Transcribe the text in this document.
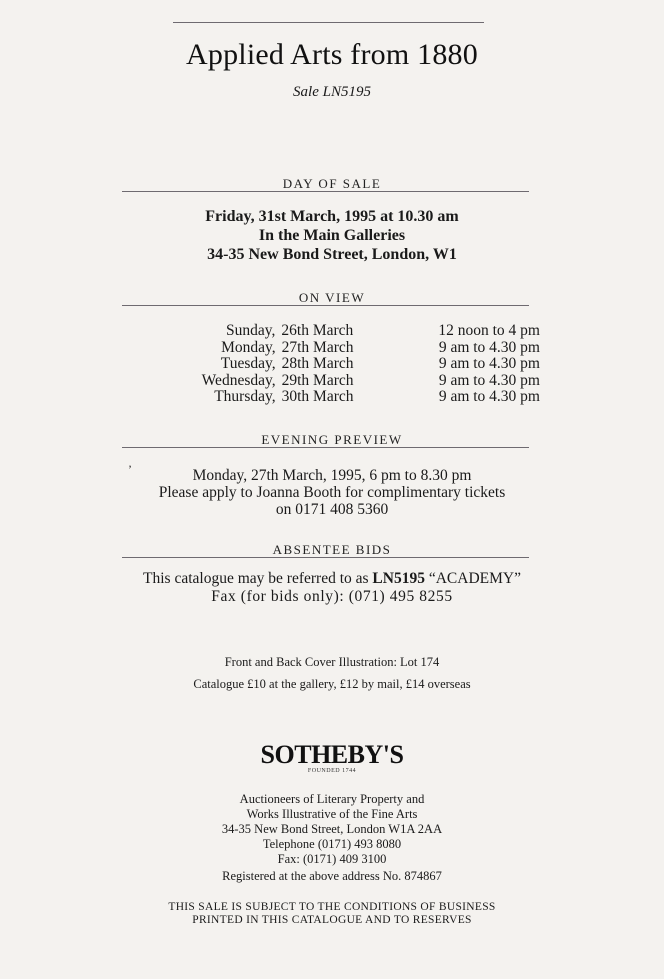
Applied Arts from 1880
Sale LN5195
DAY OF SALE
Friday, 31st March, 1995 at 10.30 am
In the Main Galleries
34-35 New Bond Street, London, W1
ON VIEW
Sunday, 26th March	12 noon to 4 pm
Monday, 27th March	9 am to 4.30 pm
Tuesday, 28th March	9 am to 4.30 pm
Wednesday, 29th March	9 am to 4.30 pm
Thursday, 30th March	9 am to 4.30 pm
EVENING PREVIEW
’	Monday, 27th March, 1995, 6 pm to 8.30 pm
Please apply to Joanna Booth for complimentary tickets
on 0171 408 5360
ABSENTEE BIDS
This catalogue may be referred to as LN5195 “ACADEMY”
Fax (for bids only): (071) 495 8255
Front and Back Cover Illustration: Lot 174
Catalogue £10 at the gallery, £12 by mail, £14 overseas
SOTHEBY'S
FOUNDED 1744
Auctioneers of Literary Property and
Works Illustrative of the Fine Arts
34-35 New Bond Street, London W1A 2AA
Telephone (0171) 493 8080
Fax: (0171) 409 3100
Registered at the above address No. 874867
THIS SALE IS SUBJECT TO THE CONDITIONS OF BUSINESS
PRINTED IN THIS CATALOGUE AND TO RESERVES
